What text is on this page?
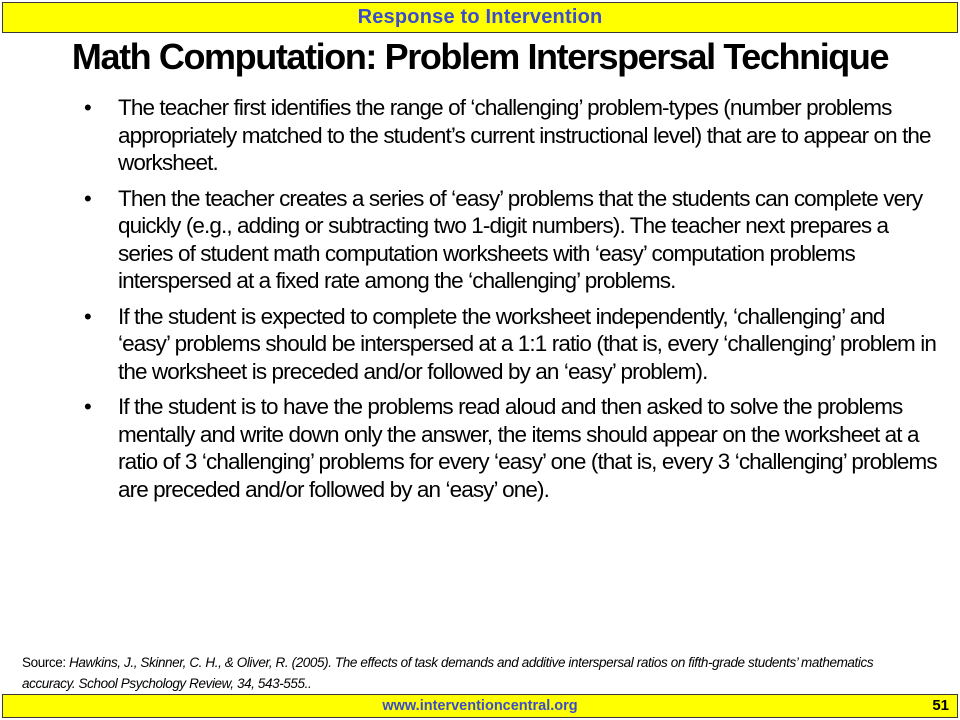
Response to Intervention
Math Computation: Problem Interspersal Technique
• The teacher first identifies the range of ‘challenging’ problem-types (number problems appropriately matched to the student’s current instructional level) that are to appear on the worksheet.
• Then the teacher creates a series of ‘easy’ problems that the students can complete very quickly (e.g., adding or subtracting two 1-digit numbers). The teacher next prepares a series of student math computation worksheets with ‘easy’ computation problems interspersed at a fixed rate among the ‘challenging’ problems.
• If the student is expected to complete the worksheet independently, ‘challenging’ and ‘easy’ problems should be interspersed at a 1:1 ratio (that is, every ‘challenging’ problem in the worksheet is preceded and/or followed by an ‘easy’ problem).
• If the student is to have the problems read aloud and then asked to solve the problems mentally and write down only the answer, the items should appear on the worksheet at a ratio of 3 ‘challenging’ problems for every ‘easy’ one (that is, every 3 ‘challenging’ problems are preceded and/or followed by an ‘easy’ one).

Source: Hawkins, J., Skinner, C. H., & Oliver, R. (2005). The effects of task demands and additive interspersal ratios on fifth-grade students’ mathematics accuracy. School Psychology Review, 34, 543-555..

www.interventioncentral.org	51
